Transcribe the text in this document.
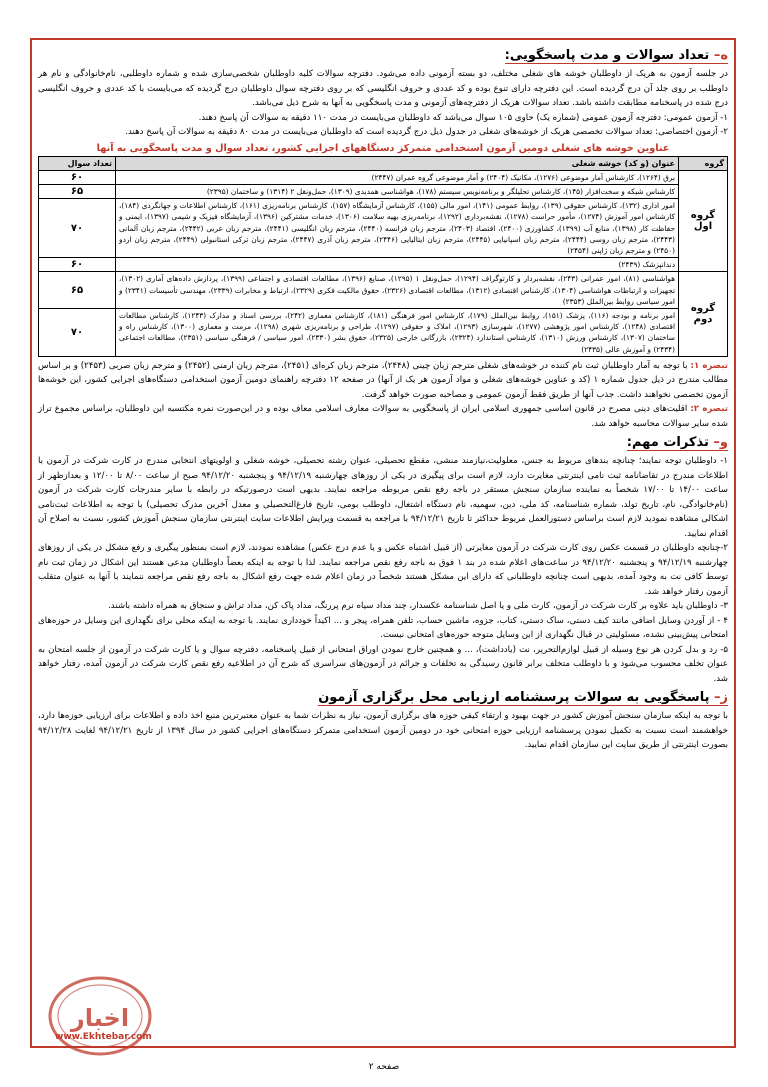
ه– تعداد سوالات و مدت پاسخگویی:

در جلسه آزمون به هریک از داوطلبان خوشه های شغلی مختلف، دو بسته آزمونی داده می‌شود. دفترچه سوالات کلیه داوطلبان شخصی‌سازی شده و شماره داوطلبی، نام‌خانوادگی و نام هر داوطلب بر روی جلد آن درج گردیده است. این دفترچه دارای تنوع بوده و کد عددی و حروف انگلیسی که بر روی دفترچه سوال داوطلبان درج گردیده که می‌بایست با کد عددی و حروف انگلیسی درج شده در پاسخنامه مطابقت داشته باشد. تعداد سوالات هریک از دفترچه‌های آزمونی و مدت پاسخگویی به آنها به شرح ذیل می‌باشد.

۱- آزمون عمومی: دفترچه آزمون عمومی (شماره یک) حاوی ۱۰۵ سوال می‌باشد که داوطلبان می‌بایست در مدت ۱۱۰ دقیقه به سوالات آن پاسخ دهند.

۲- آزمون اختصاصی: تعداد سوالات تخصصی هریک از خوشه‌های شغلی در جدول ذیل درج گردیده است که داوطلبان می‌بایست در مدت ۸۰ دقیقه به سوالات آن پاسخ دهند.

عناوین خوشه های شغلی دومین آزمون استخدامی متمرکز دستگاههای اجرایی کشور، تعداد سوال و مدت پاسخگویی به آنها
گروه	عنوان (و کد) خوشه شغلی	تعداد سوال
گروه اول	برق (۱۲۶۴)، کارشناس آمار موضوعی (۱۲۷۶)، مکانیک (۲۴۰۴) و آمار موضوعی گروه عمران (۲۴۴۷)	۶۰
	کارشناس شبکه و سخت‌افزار (۱۴۵)، کارشناس تحلیلگر و برنامه‌نویس سیستم (۱۷۸)، هواشناسی همدیدی (۱۳۰۹)، حمل‌ونقل ۲ (۱۳۱۴) و ساختمان (۲۳۹۵)	۶۵
	امور اداری (۱۳۲)، کارشناس حقوقی (۱۳۹)، روابط عمومی (۱۴۱)، امور مالی (۱۵۵)، کارشناس آزمایشگاه (۱۵۷)، کارشناس برنامه‌ریزی (۱۶۱)، کارشناس اطلاعات و جهانگردی (۱۸۴)، کارشناس امور آموزش (۱۲۷۴)، مأمور حراست (۱۲۷۸)، نقشه‌برداری (۱۲۹۲)، برنامه‌ریزی بهیه سلامت (۱۳۰۶)، خدمات مشترکین (۱۳۹۶)، آزمایشگاه فیزیک و شیمی (۱۳۹۷)، ایمنی و حفاظت کار (۱۳۹۸)، منابع آب (۱۳۹۹)، کشاورزی (۲۴۰۰)، اقتصاد (۲۴۰۳)، مترجم زبان فرانسه (۲۴۴۰)، مترجم زبان انگلیسی (۲۴۴۱)، مترجم زبان عربی (۲۴۴۲)، مترجم زبان آلمانی (۲۴۴۳)، مترجم زبان روسی (۲۴۴۴)، مترجم زبان اسپانیایی (۲۴۴۵)، مترجم زبان ایتالیایی (۲۴۴۶)، مترجم زبان آذری (۲۴۴۷)، مترجم زبان ترکی استانبولی (۲۴۴۹)، مترجم زبان اردو (۲۴۵۰) و مترجم زبان ژاپنی (۲۴۵۴)	۷۰
	دندانپزشک (۲۴۳۹)	۶۰
گروه دوم	هواشناسی (۸۱)، امور عمرانی (۲۴۳)، نقشه‌بردار و کارتوگراف (۱۲۹۴)، حمل‌ونقل ۱ (۱۲۹۵)، صنایع (۱۳۹۶)، مطالعات اقتصادی و اجتماعی (۱۳۹۹)، پردازش داده‌های آماری (۱۳۰۲)، تجهیزات و ارتباطات هواشناسی (۱۳۰۴)، کارشناس اقتصادی (۱۳۱۲)، مطالعات اقتصادی (۲۳۲۶)، حقوق مالکیت فکری (۲۳۲۹)، ارتباط و مخابرات (۲۳۳۹)، مهندسی تأسیسات (۲۳۴۱) و امور سیاسی روابط بین‌الملل (۲۳۵۳)	۶۵
	امور برنامه و بودجه (۱۱۶)، پزشک (۱۵۱)، روابط بین‌الملل (۱۷۹)، کارشناس امور فرهنگی (۱۸۱)، کارشناس معماری (۲۴۲)، بررسی اسناد و مدارک (۱۲۴۳)، کارشناس مطالعات اقتصادی (۱۲۴۸)، کارشناس امور پژوهشی (۱۲۷۷)، شهرسازی (۱۲۹۳)، املاک و حقوقی (۱۲۹۷)، طراحی و برنامه‌ریزی شهری (۱۲۹۸)، مرمت و معماری (۱۳۰۰)، کارشناس راه و ساختمان (۱۳۰۷)، کارشناس ورزش (۱۳۱۰)، کارشناس استاندارد (۲۳۲۴)، بازرگانی خارجی (۲۳۲۵)، حقوق بشر (۲۳۳۰)، امور سیاسی / فرهنگی سیاسی (۲۳۵۱)، مطالعات اجتماعی (۲۴۳۴) و آموزش عالی (۲۴۳۵)	۷۰

تبصره ۱: با توجه به آمار داوطلبان ثبت نام کننده در خوشه‌های شغلی مترجم زبان چینی (۲۴۴۸)، مترجم زبان کره‌ای (۲۴۵۱)، مترجم زبان ارمنی (۲۴۵۲) و مترجم زبان صربی (۲۴۵۳) و بر اساس مطالب مندرج در ذیل جدول شماره ۱ (کد و عناوین خوشه‌های شغلی و مواد آزمون هر یک از آنها) در صفحه ۱۲ دفترچه راهنمای دومین آزمون استخدامی دستگاه‌های اجرایی کشور، این خوشه‌ها آزمون تخصصی نخواهند داشت. جذب آنها از طریق فقط آزمون عمومی و مصاحبه صورت خواهد گرفت.

تبصره ۲: اقلیت‌های دینی مصرح در قانون اساسی جمهوری اسلامی ایران از پاسخگویی به سوالات معارف اسلامی معاف بوده و در این‌صورت نمره مکتسبه این داوطلبان، براساس مجموع تراز شده سایر سوالات محاسبه خواهد شد.

و– تذکرات مهم:

۱- داوطلبان توجه نمایند؛ چنانچه بندهای مربوط به جنس، معلولیت،نیازمند منشی، مقطع تحصیلی، عنوان رشته تحصیلی، خوشه شغلی و اولویتهای انتخابی مندرج در کارت شرکت در آزمون با اطلاعات مندرج در تقاضانامه ثبت نامی اینترنتی مغایرت دارد، لازم است برای پیگیری در یکی از روزهای چهارشنبه ۹۴/۱۲/۱۹ و پنجشنبه ۹۴/۱۲/۲۰ صبح از ساعت ۸/۰۰ تا ۱۲/۰۰ و بعدازظهر از ساعت ۱۴/۰۰ تا ۱۷/۰۰ شخصاً به نماینده سازمان سنجش مستقر در باجه رفع نقص مربوطه مراجعه نمایند. بدیهی است درصورتیکه در رابطه با سایر مندرجات کارت شرکت در آزمون (نام‌خانوادگی، نام، تاریخ تولد، شماره شناسنامه، کد ملی، دین، سهمیه، نام دستگاه اشتغال، داوطلب بومی، تاریخ فارغ‌التحصیلی و معدل آخرین مدرک تحصیلی) با توجه به اطلاعات ثبت‌نامی اشکالی مشاهده نمودید لازم است براساس دستورالعمل مربوط حداکثر تا تاریخ ۹۴/۱۲/۲۱ با مراجعه به قسمت ویرایش اطلاعات سایت اینترنتی سازمان سنجش آموزش کشور، نسبت به اصلاح آن اقدام نمایید.

۲-چنانچه داوطلبان در قسمت عکس روی کارت شرکت در آزمون مغایرتی (از قبیل اشتباه عکس و یا عدم درج عکس) مشاهده نمودند، لازم است بمنظور پیگیری و رفع مشکل در یکی از روزهای چهارشنبه ۹۴/۱۲/۱۹ و پنجشنبه ۹۴/۱۲/۲۰ در ساعت‌های اعلام شده در بند ۱ فوق به باجه رفع نقص مراجعه نمایند. لذا با توجه به اینکه بعضاً داوطلبان مدعی هستند این اشکال در زمان ثبت نام توسط کافی نت به وجود آمده، بدیهی است چنانچه داوطلبانی که دارای این مشکل هستند شخصاً در زمان اعلام شده جهت رفع اشکال به باجه رفع نقص مراجعه ننمایند با آنها به عنوان متقلب آزمون رفتار خواهد شد.

۳- داوطلبان باید علاوه بر کارت شرکت در آزمون، کارت ملی و یا اصل شناسنامه عکسدار، چند مداد سیاه نرم پررنگ، مداد پاک کن، مداد تراش و سنجاق به همراه داشته باشند.

۴ - از آوردن وسایل اضافی مانند کیف دستی، ساک دستی، کتاب، جزوه، ماشین حساب، تلفن همراه، پیجر و ... اکیداً خودداری نمایند. با توجه به اینکه محلی برای نگهداری این وسایل در حوزه‌های امتحانی پیش‌بینی نشده، مسئولیتی در قبال نگهداری از این وسایل متوجه حوزه‌های امتحانی نیست.

۵- رد و بدل کردن هر نوع وسیله از قبیل لوازم‌التحریر، نت (یادداشت)، ... و همچنین خارج نمودن اوراق امتحانی از قبیل پاسخنامه، دفترچه سوال و یا کارت شرکت در آزمون از جلسه امتحان به عنوان تخلف محسوب می‌شود و با داوطلب متخلف برابر قانون رسیدگی به تخلفات و جرائم در آزمون‌های سراسری که شرح آن در اطلاعیه رفع نقص کارت شرکت در آزمون آمده، رفتار خواهد شد.

ز– پاسخگویی به سوالات پرسشنامه ارزیابی محل برگزاری آزمون

با توجه به اینکه سازمان سنجش آموزش کشور در جهت بهبود و ارتقاء کیفی حوزه های برگزاری آزمون، نیاز به نظرات شما به عنوان معتبرترین منبع اخذ داده و اطلاعات برای ارزیابی حوزه‌ها دارد، خواهشمند است نسبت به تکمیل نمودن پرسشنامه ارزیابی حوزه امتحانی خود در دومین آزمون استخدامی متمرکز دستگاه‌های اجرایی کشور در سال ۱۳۹۴ از تاریخ ۹۴/۱۲/۲۱ لغایت ۹۴/۱۲/۲۸ بصورت اینترنتی از طریق سایت این سازمان اقدام نمایید.

اخبار
www.Ekhtebar.com
صفحه ۲
